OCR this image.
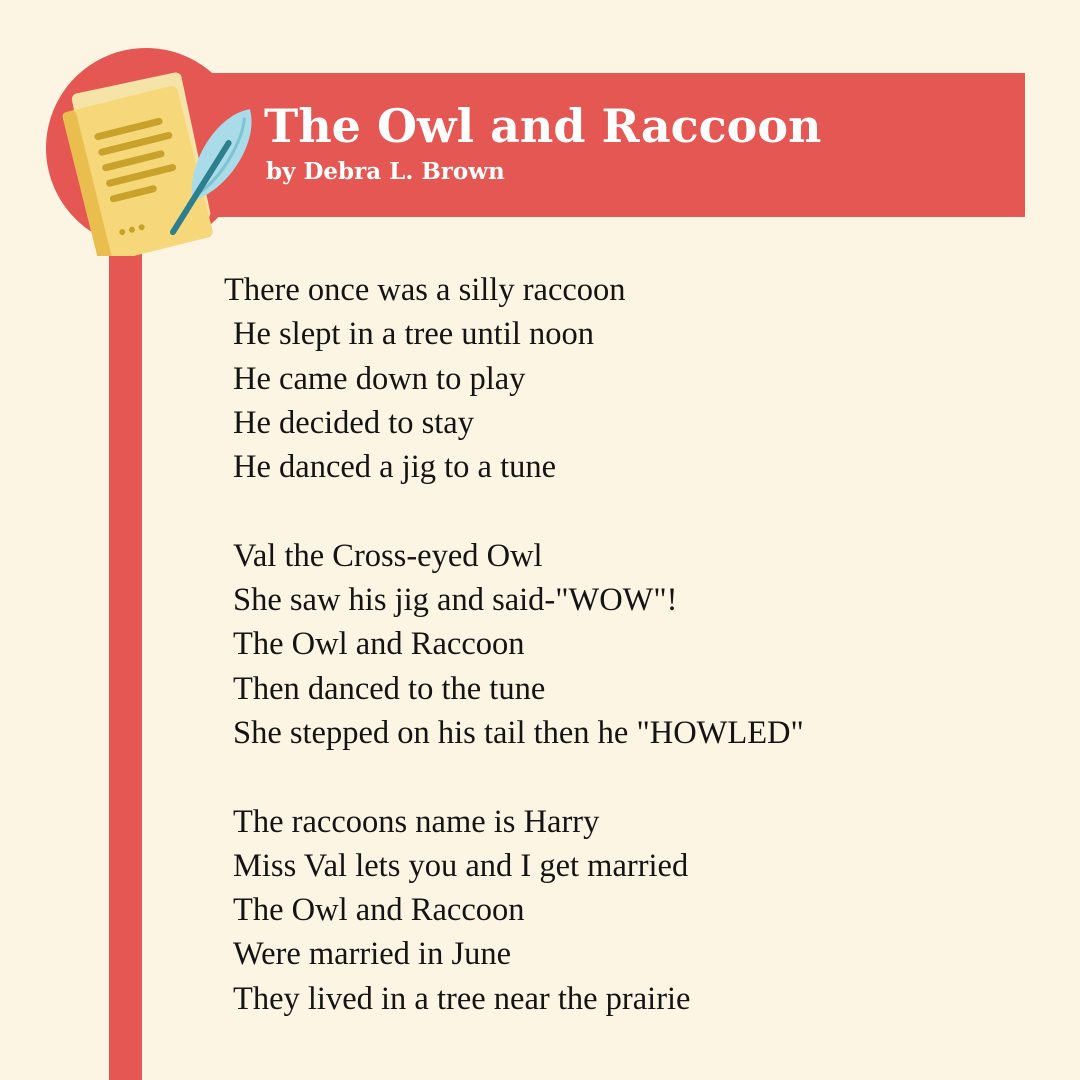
The Owl and Raccoon

by Debra L. Brown

There once was a silly raccoon
He slept in a tree until noon
He came down to play
He decided to stay
He danced a jig to a tune
Val the Cross-eyed Owl
She saw his jig and said-"WOW"!
The Owl and Raccoon
Then danced to the tune
She stepped on his tail then he "HOWLED"
The raccoons name is Harry
Miss Val lets you and I get married
The Owl and Raccoon
Were married in June
They lived in a tree near the prairie
